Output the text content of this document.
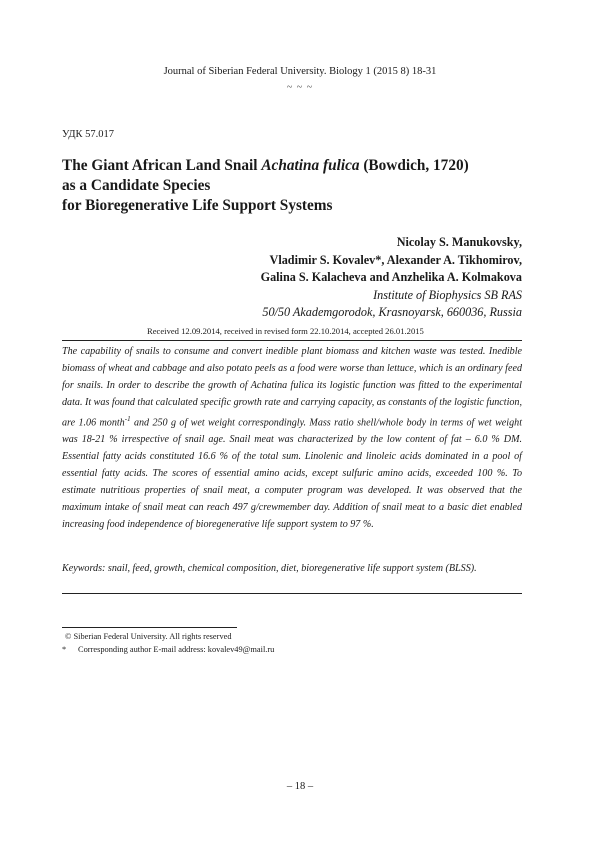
Journal of Siberian Federal University. Biology 1 (2015 8) 18-31
~ ~ ~
УДК 57.017
The Giant African Land Snail Achatina fulica (Bowdich, 1720)
as a Candidate Species
for Bioregenerative Life Support Systems
Nicolay S. Manukovsky,
Vladimir S. Kovalev*, Alexander A. Tikhomirov,
Galina S. Kalacheva and Anzhelika A. Kolmakova
Institute of Biophysics SB RAS
50/50 Akademgorodok, Krasnoyarsk, 660036, Russia
Received 12.09.2014, received in revised form 22.10.2014, accepted 26.01.2015

The capability of snails to consume and convert inedible plant biomass and kitchen waste was tested. Inedible biomass of wheat and cabbage and also potato peels as a food were worse than lettuce, which is an ordinary feed for snails. In order to describe the growth of Achatina fulica its logistic function was fitted to the experimental data. It was found that calculated specific growth rate and carrying capacity, as constants of the logistic function, are 1.06 month$^{-1}$ and 250 g of wet weight correspondingly. Mass ratio shell/whole body in terms of wet weight was 18-21 % irrespective of snail age. Snail meat was characterized by the low content of fat – 6.0 % DM. Essential fatty acids constituted 16.6 % of the total sum. Linolenic and linoleic acids dominated in a pool of essential fatty acids. The scores of essential amino acids, except sulfuric amino acids, exceeded 100 %. To estimate nutritious properties of snail meat, a computer program was developed. It was observed that the maximum intake of snail meat can reach 497 g/crewmember day. Addition of snail meat to a basic diet enabled increasing food independence of bioregenerative life support system to 97 %.

Keywords: snail, feed, growth, chemical composition, diet, bioregenerative life support system (BLSS).
© Siberian Federal University. All rights reserved
* Corresponding author E-mail address: kovalev49@mail.ru
– 18 –
